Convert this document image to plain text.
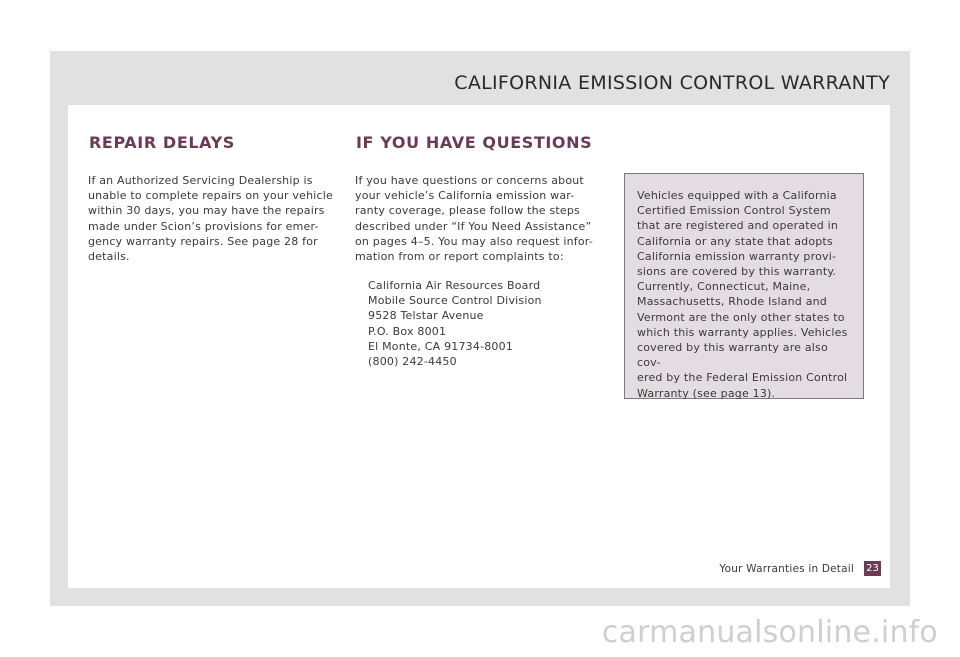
CALIFORNIA EMISSION CONTROL WARRANTY
REPAIR DELAYS

If an Authorized Servicing Dealership is

unable to complete repairs on your vehicle

within 30 days, you may have the repairs

made under Scion’s provisions for emer-

gency warranty repairs. See page 28 for

details.

IF YOU HAVE QUESTIONS

If you have questions or concerns about

your vehicle’s California emission war-

ranty coverage, please follow the steps

described under “If You Need Assistance”

on pages 4–5. You may also request infor-

mation from or report complaints to:

California Air Resources Board
Mobile Source Control Division
9528 Telstar Avenue
P.O. Box 8001
El Monte, CA 91734-8001
(800) 242-4450
Vehicles equipped with a California
Certified Emission Control System
that are registered and operated in
California or any state that adopts
California emission warranty provi-
sions are covered by this warranty.
Currently, Connecticut, Maine,
Massachusetts, Rhode Island and
Vermont are the only other states to
which this warranty applies. Vehicles
covered by this warranty are also cov-
ered by the Federal Emission Control
Warranty (see page 13).
Your Warranties in Detail 23
carmanualsonline.info
